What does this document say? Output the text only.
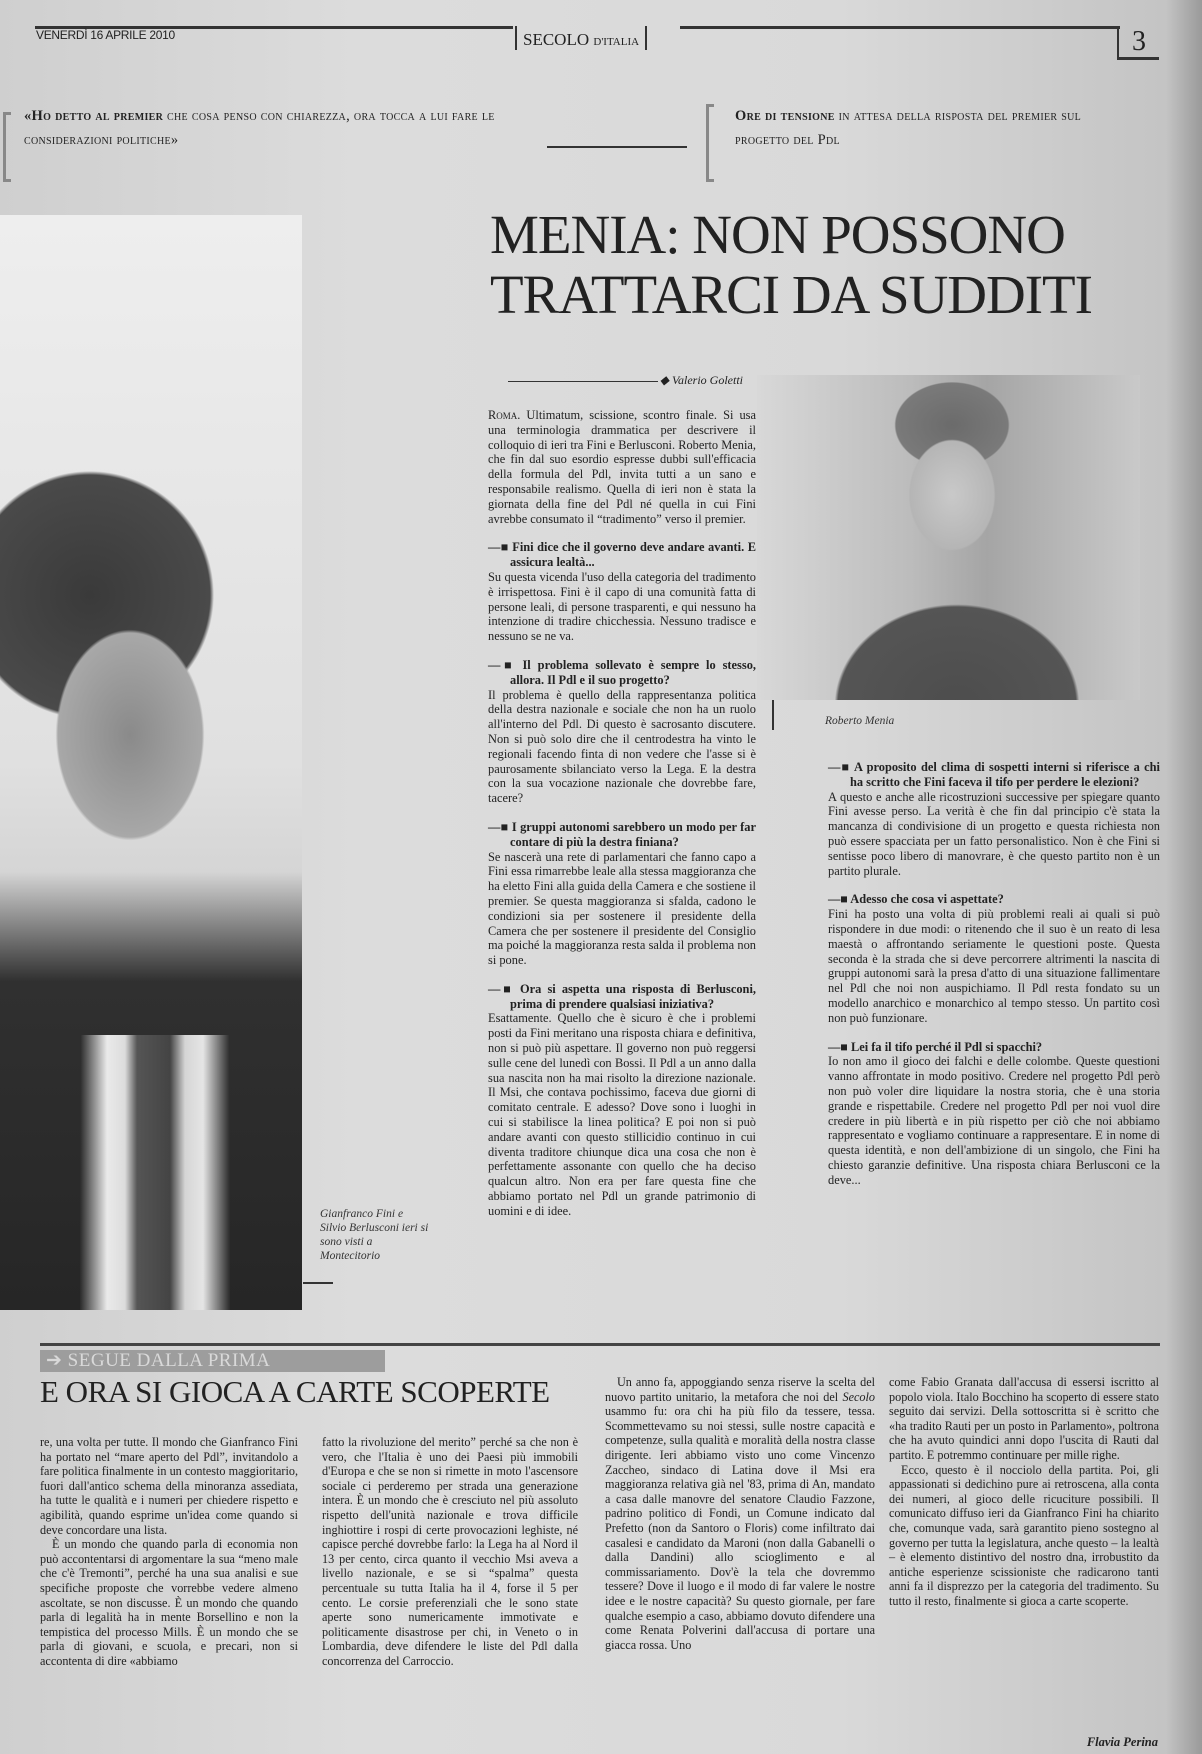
VENERDÌ 16 APRILE 2010	SECOLO D'ITALIA	3
«Ho detto al premier che cosa penso con chiarezza, ora tocca a lui fare le considerazioni politiche»
Ore di tensione in attesa della risposta del premier sul progetto del Pdl
MENIA: NON POSSONO TRATTARCI DA SUDDITI
Gianfranco Fini e Silvio Berlusconi ieri si sono visti a Montecitorio
Roberto Menia
◆ Valerio Goletti

Roma. Ultimatum, scissione, scontro finale. Si usa una terminologia drammatica per descrivere il colloquio di ieri tra Fini e Berlusconi. Roberto Menia, che fin dal suo esordio espresse dubbi sull'efficacia della formula del Pdl, invita tutti a un sano e responsabile realismo. Quella di ieri non è stata la giornata della fine del Pdl né quella in cui Fini avrebbe consumato il “tradimento” verso il premier.

—■ Fini dice che il governo deve andare avanti. E assicura lealtà...

Su questa vicenda l'uso della categoria del tradimento è irrispettosa. Fini è il capo di una comunità fatta di persone leali, di persone trasparenti, e qui nessuno ha intenzione di tradire chicchessia. Nessuno tradisce e nessuno se ne va.

—■ Il problema sollevato è sempre lo stesso, allora. Il Pdl e il suo progetto?

Il problema è quello della rappresentanza politica della destra nazionale e sociale che non ha un ruolo all'interno del Pdl. Di questo è sacrosanto discutere. Non si può solo dire che il centrodestra ha vinto le regionali facendo finta di non vedere che l'asse si è paurosamente sbilanciato verso la Lega. E la destra con la sua vocazione nazionale che dovrebbe fare, tacere?

—■ I gruppi autonomi sarebbero un modo per far contare di più la destra finiana?

Se nascerà una rete di parlamentari che fanno capo a Fini essa rimarrebbe leale alla stessa maggioranza che ha eletto Fini alla guida della Camera e che sostiene il premier. Se questa maggioranza si sfalda, cadono le condizioni sia per sostenere il presidente della Camera che per sostenere il presidente del Consiglio ma poiché la maggioranza resta salda il problema non si pone.

—■ Ora si aspetta una risposta di Berlusconi, prima di prendere qualsiasi iniziativa?

Esattamente. Quello che è sicuro è che i problemi posti da Fini meritano una risposta chiara e definitiva, non si può più aspettare. Il governo non può reggersi sulle cene del lunedì con Bossi. Il Pdl a un anno dalla sua nascita non ha mai risolto la direzione nazionale. Il Msi, che contava pochissimo, faceva due giorni di comitato centrale. E adesso? Dove sono i luoghi in cui si stabilisce la linea politica? E poi non si può andare avanti con questo stillicidio continuo in cui diventa traditore chiunque dica una cosa che non è perfettamente assonante con quello che ha deciso qualcun altro. Non era per fare questa fine che abbiamo portato nel Pdl un grande patrimonio di uomini e di idee.

—■ A proposito del clima di sospetti interni si riferisce a chi ha scritto che Fini faceva il tifo per perdere le elezioni?

A questo e anche alle ricostruzioni successive per spiegare quanto Fini avesse perso. La verità è che fin dal principio c'è stata la mancanza di condivisione di un progetto e questa richiesta non può essere spacciata per un fatto personalistico. Non è che Fini si sentisse poco libero di manovrare, è che questo partito non è un partito plurale.

—■ Adesso che cosa vi aspettate?

Fini ha posto una volta di più problemi reali ai quali si può rispondere in due modi: o ritenendo che il suo è un reato di lesa maestà o affrontando seriamente le questioni poste. Questa seconda è la strada che si deve percorrere altrimenti la nascita di gruppi autonomi sarà la presa d'atto di una situazione fallimentare nel Pdl che noi non auspichiamo. Il Pdl resta fondato su un modello anarchico e monarchico al tempo stesso. Un partito così non può funzionare.

—■ Lei fa il tifo perché il Pdl si spacchi?

Io non amo il gioco dei falchi e delle colombe. Queste questioni vanno affrontate in modo positivo. Credere nel progetto Pdl però non può voler dire liquidare la nostra storia, che è una storia grande e rispettabile. Credere nel progetto Pdl per noi vuol dire credere in più libertà e in più rispetto per ciò che noi abbiamo rappresentato e vogliamo continuare a rappresentare. E in nome di questa identità, e non dell'ambizione di un singolo, che Fini ha chiesto garanzie definitive. Una risposta chiara Berlusconi ce la deve...

➔ SEGUE DALLA PRIMA
E ORA SI GIOCA A CARTE SCOPERTE

re, una volta per tutte. Il mondo che Gianfranco Fini ha portato nel “mare aperto del Pdl”, invitandolo a fare politica finalmente in un contesto maggioritario, fuori dall'antico schema della minoranza assediata, ha tutte le qualità e i numeri per chiedere rispetto e agibilità, quando esprime un'idea come quando si deve concordare una lista.

È un mondo che quando parla di economia non può accontentarsi di argomentare la sua “meno male che c'è Tremonti”, perché ha una sua analisi e sue specifiche proposte che vorrebbe vedere almeno ascoltate, se non discusse. È un mondo che quando parla di legalità ha in mente Borsellino e non la tempistica del processo Mills. È un mondo che se parla di giovani, e scuola, e precari, non si accontenta di dire «abbiamo

fatto la rivoluzione del merito” perché sa che non è vero, che l'Italia è uno dei Paesi più immobili d'Europa e che se non si rimette in moto l'ascensore sociale ci perderemo per strada una generazione intera. È un mondo che è cresciuto nel più assoluto rispetto dell'unità nazionale e trova difficile inghiottire i rospi di certe provocazioni leghiste, né capisce perché dovrebbe farlo: la Lega ha al Nord il 13 per cento, circa quanto il vecchio Msi aveva a livello nazionale, e se si “spalma” questa percentuale su tutta Italia ha il 4, forse il 5 per cento. Le corsie preferenziali che le sono state aperte sono numericamente immotivate e politicamente disastrose per chi, in Veneto o in Lombardia, deve difendere le liste del Pdl dalla concorrenza del Carroccio.

Un anno fa, appoggiando senza riserve la scelta del nuovo partito unitario, la metafora che noi del Secolo usammo fu: ora chi ha più filo da tessere, tessa. Scommettevamo su noi stessi, sulle nostre capacità e competenze, sulla qualità e moralità della nostra classe dirigente. Ieri abbiamo visto uno come Vincenzo Zaccheo, sindaco di Latina dove il Msi era maggioranza relativa già nel '83, prima di An, mandato a casa dalle manovre del senatore Claudio Fazzone, padrino politico di Fondi, un Comune indicato dal Prefetto (non da Santoro o Floris) come infiltrato dai casalesi e candidato da Maroni (non dalla Gabanelli o dalla Dandini) allo scioglimento e al commissariamento. Dov'è la tela che dovremmo tessere? Dove il luogo e il modo di far valere le nostre idee e le nostre capacità? Su questo giornale, per fare qualche esempio a caso, abbiamo dovuto difendere una come Renata Polverini dall'accusa di portare una giacca rossa. Uno

come Fabio Granata dall'accusa di essersi iscritto al popolo viola. Italo Bocchino ha scoperto di essere stato seguito dai servizi. Della sottoscritta si è scritto che «ha tradito Rauti per un posto in Parlamento», poltrona che ha avuto quindici anni dopo l'uscita di Rauti dal partito. E potremmo continuare per mille righe.

Ecco, questo è il nocciolo della partita. Poi, gli appassionati si dedichino pure ai retroscena, alla conta dei numeri, al gioco delle ricuciture possibili. Il comunicato diffuso ieri da Gianfranco Fini ha chiarito che, comunque vada, sarà garantito pieno sostegno al governo per tutta la legislatura, anche questo – la lealtà – è elemento distintivo del nostro dna, irrobustito da antiche esperienze scissioniste che radicarono tanti anni fa il disprezzo per la categoria del tradimento. Su tutto il resto, finalmente si gioca a carte scoperte.

Flavia Perina
